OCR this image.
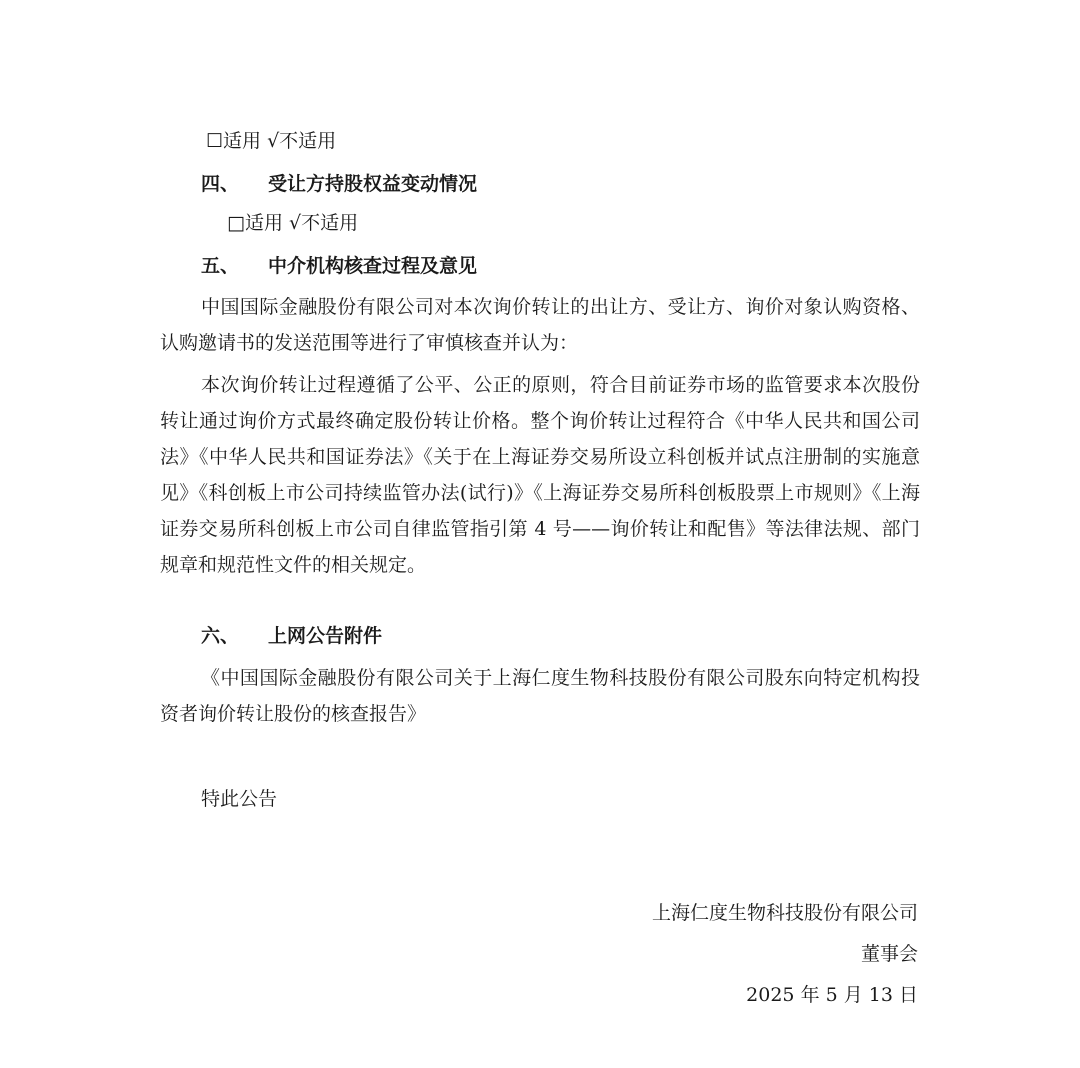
☐适用 √不适用
四、 受让方持股权益变动情况
□适用 √不适用
五、 中介机构核查过程及意见
中国国际金融股份有限公司对本次询价转让的出让方、受让方、询价对象认购资格、认购邀请书的发送范围等进行了审慎核查并认为：
本次询价转让过程遵循了公平、公正的原则，符合目前证券市场的监管要求本次股份转让通过询价方式最终确定股份转让价格。整个询价转让过程符合《中华人民共和国公司法》《中华人民共和国证券法》《关于在上海证券交易所设立科创板并试点注册制的实施意见》《科创板上市公司持续监管办法(试行)》《上海证券交易所科创板股票上市规则》《上海证券交易所科创板上市公司自律监管指引第 4 号——询价转让和配售》等法律法规、部门规章和规范性文件的相关规定。
六、 上网公告附件
《中国国际金融股份有限公司关于上海仁度生物科技股份有限公司股东向特定机构投资者询价转让股份的核查报告》
特此公告
上海仁度生物科技股份有限公司
董事会
2025 年 5 月 13 日
